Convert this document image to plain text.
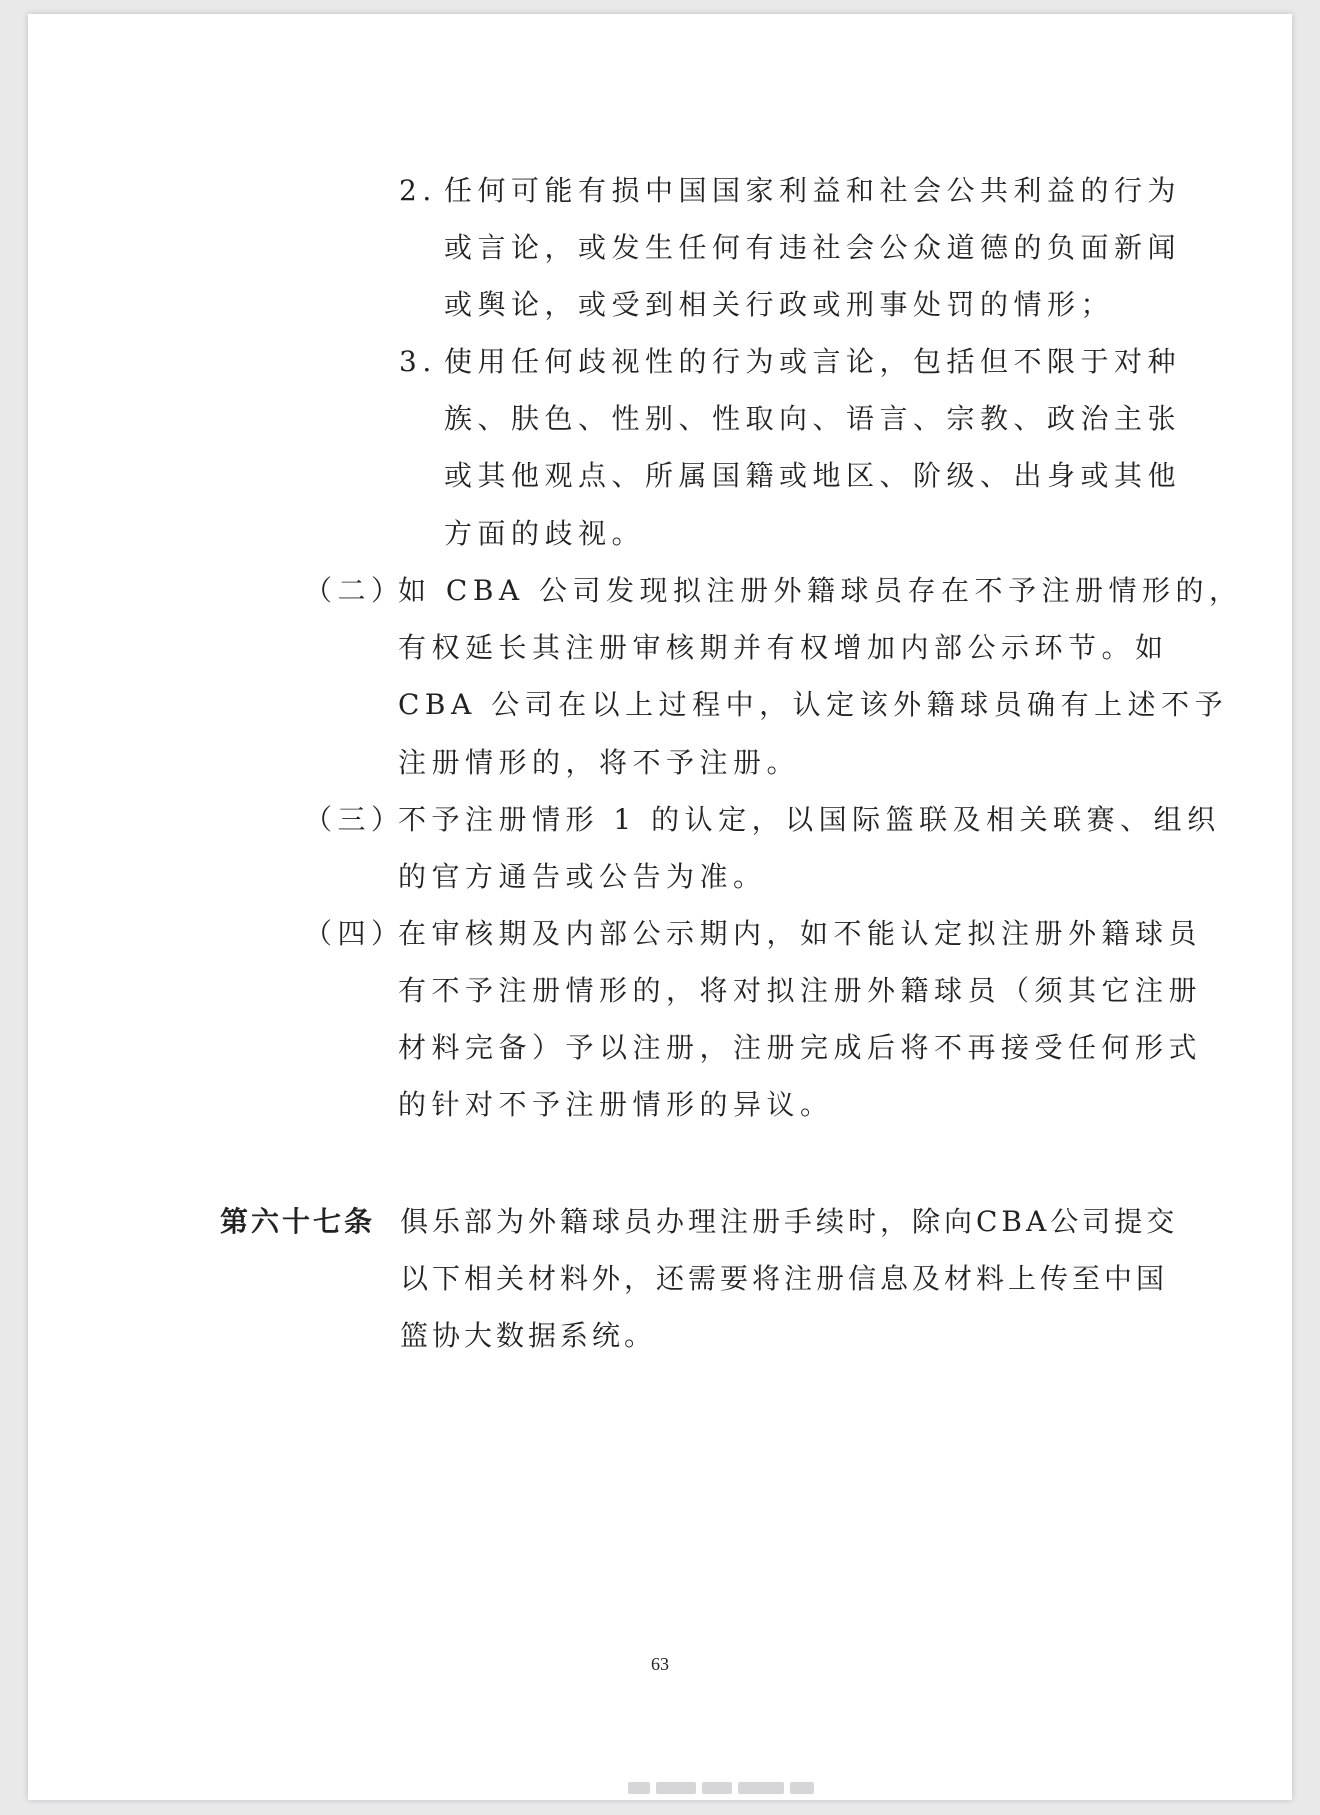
2. 任何可能有损中国国家利益和社会公共利益的行为
或言论，或发生任何有违社会公众道德的负面新闻
或舆论，或受到相关行政或刑事处罚的情形；
3. 使用任何歧视性的行为或言论，包括但不限于对种
族、肤色、性别、性取向、语言、宗教、政治主张
或其他观点、所属国籍或地区、阶级、出身或其他
方面的歧视。
（二）
如 CBA 公司发现拟注册外籍球员存在不予注册情形的，
有权延长其注册审核期并有权增加内部公示环节。如
CBA 公司在以上过程中，认定该外籍球员确有上述不予
注册情形的，将不予注册。
（三）
不予注册情形 1 的认定，以国际篮联及相关联赛、组织
的官方通告或公告为准。
（四）
在审核期及内部公示期内，如不能认定拟注册外籍球员
有不予注册情形的，将对拟注册外籍球员（须其它注册
材料完备）予以注册，注册完成后将不再接受任何形式
的针对不予注册情形的异议。
第六十七条 俱乐部为外籍球员办理注册手续时，除向CBA公司提交
以下相关材料外，还需要将注册信息及材料上传至中国
篮协大数据系统。
63
